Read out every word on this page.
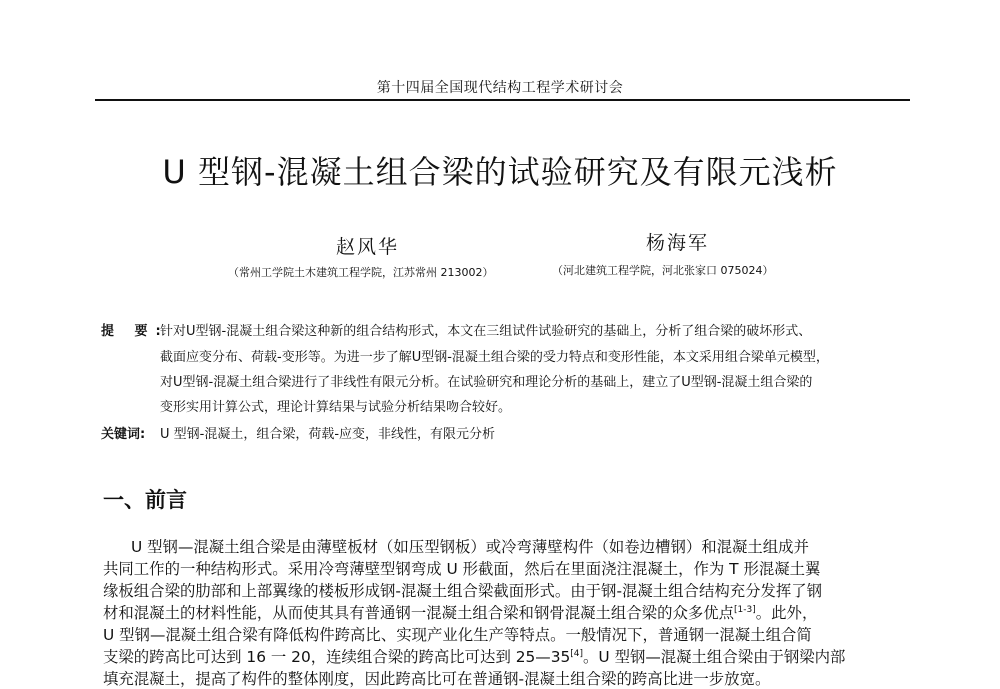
第十四届全国现代结构工程学术研讨会
U 型钢-混凝土组合梁的试验研究及有限元浅析
赵风华
（常州工学院土木建筑工程学院，江苏常州 213002）
杨海军
（河北建筑工程学院，河北张家口 075024）
提 要:
针对U型钢-混凝土组合梁这种新的组合结构形式，本文在三组试件试验研究的基础上，分析了组合梁的破坏形式、
截面应变分布、荷载-变形等。为进一步了解U型钢-混凝土组合梁的受力特点和变形性能，本文采用组合梁单元模型，
对U型钢-混凝土组合梁进行了非线性有限元分析。在试验研究和理论分析的基础上，建立了U型钢-混凝土组合梁的
变形实用计算公式，理论计算结果与试验分析结果吻合较好。
关键词: U 型钢-混凝土，组合梁，荷载-应变，非线性，有限元分析
一、前言
U 型钢—混凝土组合梁是由薄壁板材（如压型钢板）或冷弯薄壁构件（如卷边槽钢）和混凝土组成并
共同工作的一种结构形式。采用冷弯薄壁型钢弯成 U 形截面，然后在里面浇注混凝土，作为 T 形混凝土翼
缘板组合梁的肋部和上部翼缘的楼板形成钢-混凝土组合梁截面形式。由于钢-混凝土组合结构充分发挥了钢
材和混凝土的材料性能，从而使其具有普通钢一混凝土组合梁和钢骨混凝土组合梁的众多优点[1-3]。此外，
U 型钢—混凝土组合梁有降低构件跨高比、实现产业化生产等特点。一般情况下，普通钢一混凝土组合简
支梁的跨高比可达到 16 一 20，连续组合梁的跨高比可达到 25—35[4]。U 型钢—混凝土组合梁由于钢梁内部
填充混凝土，提高了构件的整体刚度，因此跨高比可在普通钢-混凝土组合梁的跨高比进一步放宽。
